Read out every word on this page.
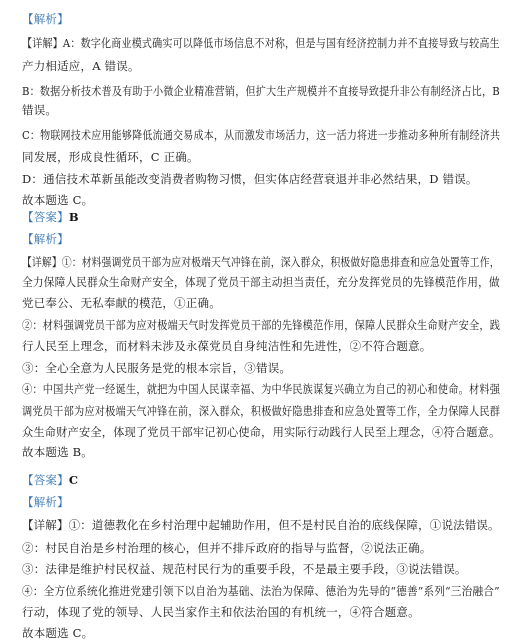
【解析】
【详解】A：数字化商业模式确实可以降低市场信息不对称，但是与国有经济控制力并不直接导致与较高生
产力相适应，A 错误。
B：数据分析技术普及有助于小微企业精准营销，但扩大生产规模并不直接导致提升非公有制经济占比，B
错误。
C：物联网技术应用能够降低流通交易成本，从而激发市场活力，这一活力将进一步推动多种所有制经济共
同发展，形成良性循环，C 正确。
D：通信技术革新虽能改变消费者购物习惯，但实体店经营衰退并非必然结果，D 错误。
故本题选 C。
【答案】B
【解析】
【详解】①：材料强调党员干部为应对极端天气冲锋在前，深入群众，积极做好隐患排查和应急处置等工作，
全力保障人民群众生命财产安全，体现了党员干部主动担当责任，充分发挥党员的先锋模范作用，做
党已奉公、无私奉献的模范，①正确。
②：材料强调党员干部为应对极端天气时发挥党员干部的先锋模范作用，保障人民群众生命财产安全，践
行人民至上理念，而材料未涉及永葆党员自身纯洁性和先进性，②不符合题意。
③：全心全意为人民服务是党的根本宗旨，③错误。
④：中国共产党一经诞生，就把为中国人民谋幸福、为中华民族谋复兴确立为自己的初心和使命。材料强
调党员干部为应对极端天气冲锋在前，深入群众，积极做好隐患排查和应急处置等工作，全力保障人民群
众生命财产安全，体现了党员干部牢记初心使命，用实际行动践行人民至上理念，④符合题意。
故本题选 B。
【答案】C
【解析】
【详解】①：道德教化在乡村治理中起辅助作用，但不是村民自治的底线保障，①说法错误。
②：村民自治是乡村治理的核心，但并不排斥政府的指导与监督，②说法正确。
③：法律是维护村民权益、规范村民行为的重要手段，不是最主要手段，③说法错误。
④：全方位系统化推进党建引领下以自治为基础、法治为保障、德治为先导的“德善”系列“三治融合”
行动，体现了党的领导、人民当家作主和依法治国的有机统一，④符合题意。
故本题选 C。
